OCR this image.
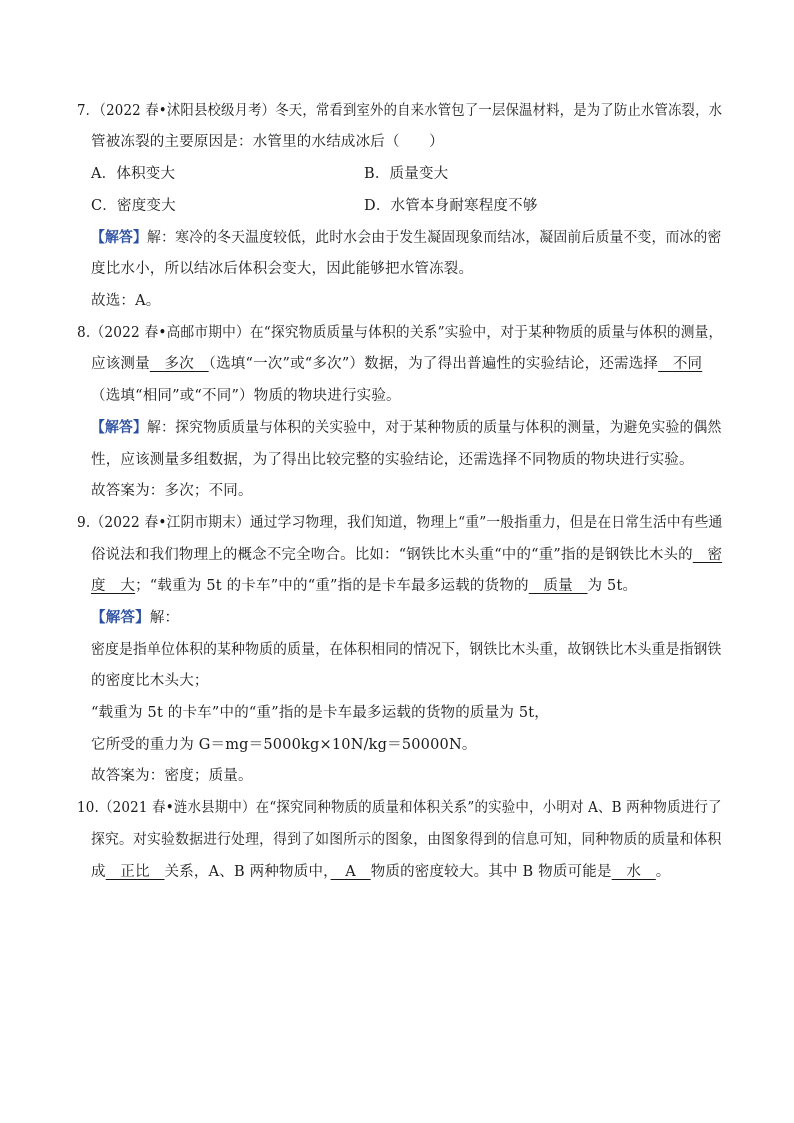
7．（2022 春•沭阳县校级月考）冬天，常看到室外的自来水管包了一层保温材料，是为了防止水管冻裂，水
管被冻裂的主要原因是：水管里的水结成冰后（　　）
A．体积变大	B．质量变大
C．密度变大	D．水管本身耐寒程度不够
【解答】解：寒冷的冬天温度较低，此时水会由于发生凝固现象而结冰，凝固前后质量不变，而冰的密
度比水小，所以结冰后体积会变大，因此能够把水管冻裂。
故选：A。
8.（2022 春•高邮市期中）在“探究物质质量与体积的关系”实验中，对于某种物质的质量与体积的测量，
应该测量　多次　（选填“一次”或“多次”）数据，为了得出普遍性的实验结论，还需选择　不同
（选填“相同”或“不同”）物质的物块进行实验。
【解答】解：探究物质质量与体积的关实验中，对于某种物质的质量与体积的测量，为避免实验的偶然
性，应该测量多组数据，为了得出比较完整的实验结论，还需选择不同物质的物块进行实验。
故答案为：多次；不同。
9.（2022 春•江阴市期末）通过学习物理，我们知道，物理上“重”一般指重力，但是在日常生活中有些通
俗说法和我们物理上的概念不完全吻合。比如：“钢铁比木头重“中的“重”指的是钢铁比木头的　密
度　大；“载重为 5t 的卡车”中的“重”指的是卡车最多运载的货物的　质量　为 5t。
【解答】解：
密度是指单位体积的某种物质的质量，在体积相同的情况下，钢铁比木头重，故钢铁比木头重是指钢铁
的密度比木头大；
“载重为 5t 的卡车”中的“重”指的是卡车最多运载的货物的质量为 5t，
它所受的重力为 G＝mg＝5000kg×10N/kg＝50000N。
故答案为：密度；质量。
10.（2021 春•涟水县期中）在“探究同种物质的质量和体积关系”的实验中，小明对 A、B 两种物质进行了
探究。对实验数据进行处理，得到了如图所示的图象，由图象得到的信息可知，同种物质的质量和体积
成　正比　关系，A、B 两种物质中，　A　物质的密度较大。其中 B 物质可能是　水　。
